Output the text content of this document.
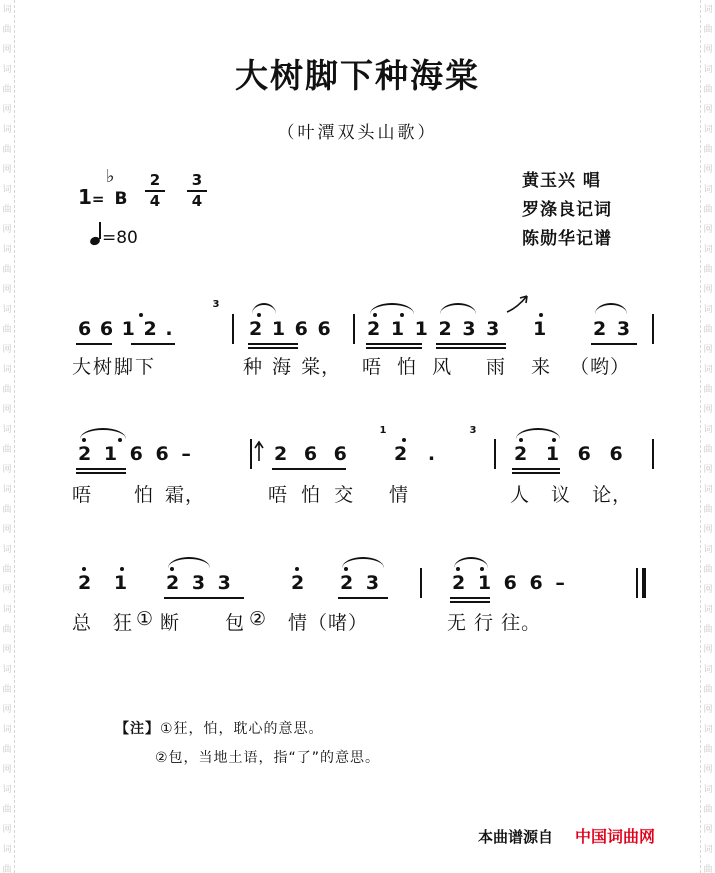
词
曲
网
词
曲
网
词
曲
网
词
曲
网
词
曲
网
词
曲
网
词
曲
网
词
曲
网
词
曲
网
词
曲
网
词
曲
网
词
曲
网
词
曲
网
词
曲
网
词
曲
词
曲
网
词
曲
网
词
曲
网
词
曲
网
词
曲
网
词
曲
网
词
曲
网
词
曲
网
词
曲
网
词
曲
网
词
曲
网
词
曲
网
词
曲
网
词
曲
网
词
曲
大树脚下种海棠
（叶潭双头山歌）
黄玉兴 唱
罗涤良记词
陈勋华记谱
1= B
♭	2
4
3
4
=80
6 6 1 2 .
3
2 1 6 6 2 1 1 2 3 3 1 2 3
大树脚下	种 海 棠， 唔 怕 风 雨 来 （哟）
2 1 6 6 –	2 6 6 2 .
1	3
2 1 6 6
唔 怕 霜，	唔 怕 交 情	人 议 论，
2 1 2 3 3	2 2 3	2 1 6 6 –
总 狂 ① 断 包 ② 情（啫）	无 行 往。
【注】①狂，怕，耽心的意思。
②包，当地土语，指“了”的意思。
本曲谱源自 中国词曲网
